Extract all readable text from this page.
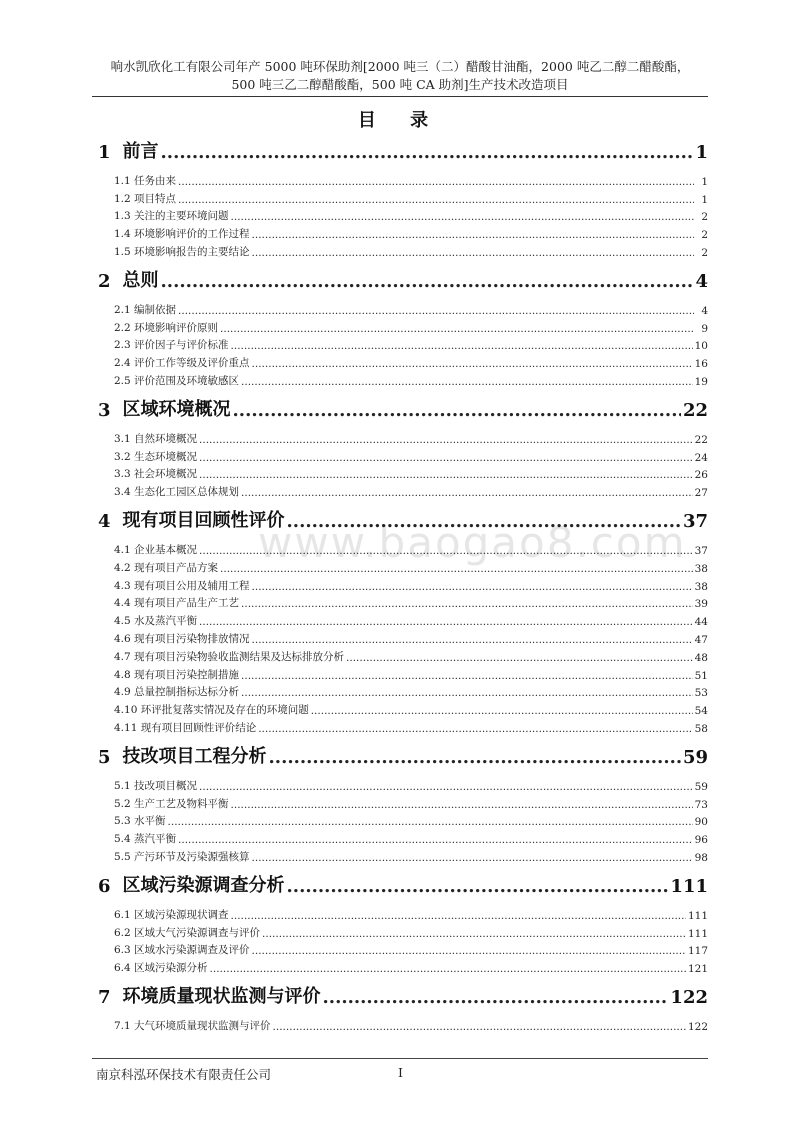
响水凯欣化工有限公司年产 5000 吨环保助剂[2000 吨三（二）醋酸甘油酯，2000 吨乙二醇二醋酸酯，
500 吨三乙二醇醋酸酯，500 吨 CA 助剂]生产技术改造项目
目 录
www.baogao8.com
1 前言 .....	1
1.1 任务由来 .....	1
1.2 项目特点 .....	1
1.3 关注的主要环境问题 .....	2
1.4 环境影响评价的工作过程 .....	2
1.5 环境影响报告的主要结论 .....	2
2 总则 .....	4
2.1 编制依据 .....	4
2.2 环境影响评价原则 .....	9
2.3 评价因子与评价标准 .....	10
2.4 评价工作等级及评价重点 .....	16
2.5 评价范围及环境敏感区 .....	19
3 区域环境概况 .....	22
3.1 自然环境概况 .....	22
3.2 生态环境概况 .....	24
3.3 社会环境概况 .....	26
3.4 生态化工园区总体规划 .....	27
4 现有项目回顾性评价 .....	37
4.1 企业基本概况 .....	37
4.2 现有项目产品方案 .....	38
4.3 现有项目公用及辅用工程 .....	38
4.4 现有项目产品生产工艺 .....	39
4.5 水及蒸汽平衡 .....	44
4.6 现有项目污染物排放情况 .....	47
4.7 现有项目污染物验收监测结果及达标排放分析 .....	48
4.8 现有项目污染控制措施 .....	51
4.9 总量控制指标达标分析 .....	53
4.10 环评批复落实情况及存在的环境问题 .....	54
4.11 现有项目回顾性评价结论 .....	58
5 技改项目工程分析 .....	59
5.1 技改项目概况 .....	59
5.2 生产工艺及物料平衡 .....	73
5.3 水平衡 .....	90
5.4 蒸汽平衡 .....	96
5.5 产污环节及污染源强核算 .....	98
6 区域污染源调查分析 .....	111
6.1 区域污染源现状调查 .....	111
6.2 区域大气污染源调查与评价 .....	111
6.3 区域水污染源调查及评价 .....	117
6.4 区域污染源分析 .....	121
7 环境质量现状监测与评价 .....	122
7.1 大气环境质量现状监测与评价 .....	122
南京科泓环保技术有限责任公司	I
